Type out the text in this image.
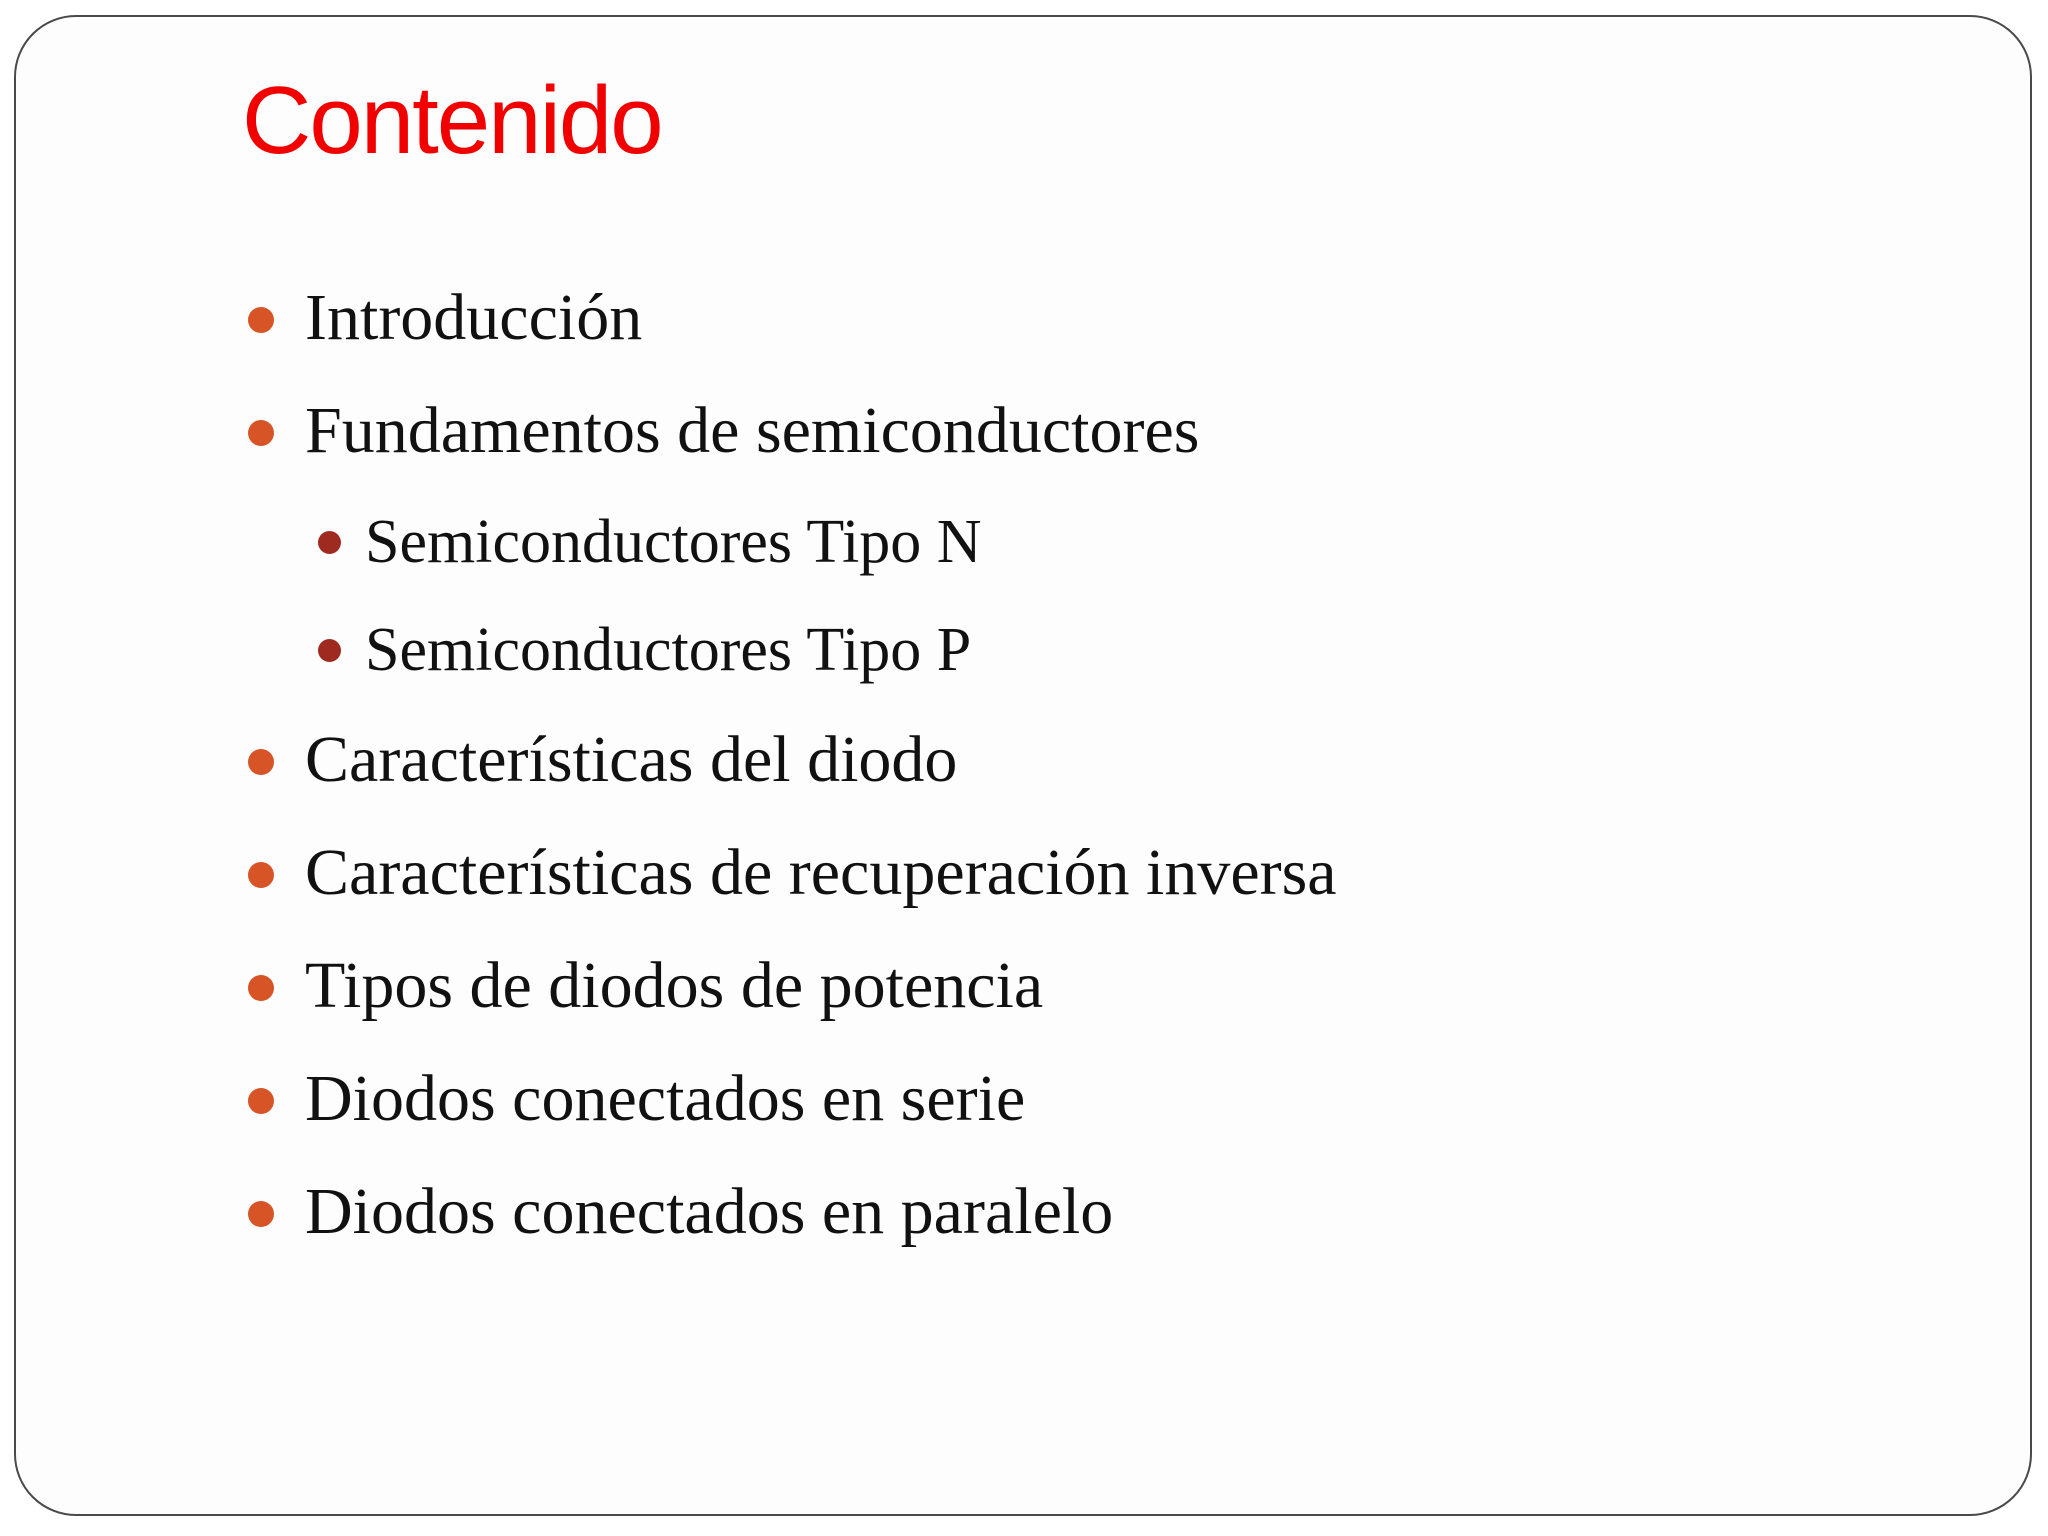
Contenido
Introducción
Fundamentos de semiconductores
Semiconductores Tipo N
Semiconductores Tipo P
Características del diodo
Características de recuperación inversa
Tipos de diodos de potencia
Diodos conectados en serie
Diodos conectados en paralelo
